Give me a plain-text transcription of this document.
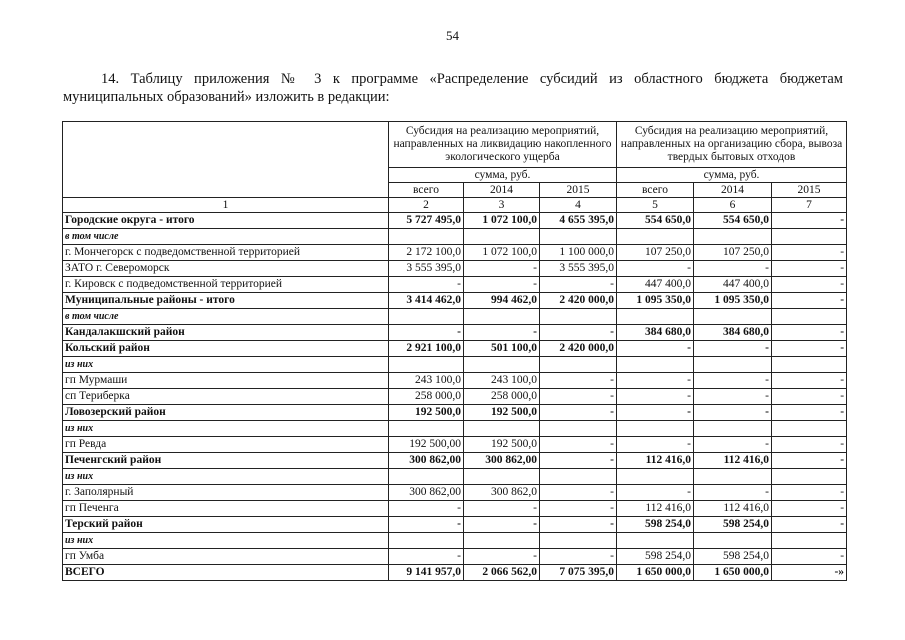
54
14. Таблицу приложения № 3 к программе «Распределение субсидий из областного бюджета бюджетам муниципальных образований» изложить в редакции:
	Субсидия на реализацию мероприятий, направленных на ликвидацию накопленного экологического ущерба			Субсидия на реализацию мероприятий, направленных на организацию сбора, вывоза твердых бытовых отходов		
	сумма, руб.			сумма, руб.		
	всего	2014	2015	всего	2014	2015
1	2	3	4	5	6	7
Городские округа - итого	5 727 495,0	1 072 100,0	4 655 395,0	554 650,0	554 650,0	-
в том числе						
г. Мончегорск с подведомственной территорией	2 172 100,0	1 072 100,0	1 100 000,0	107 250,0	107 250,0	-
ЗАТО г. Североморск	3 555 395,0	-	3 555 395,0	-	-	-
г. Кировск с подведомственной территорией	-	-	-	447 400,0	447 400,0	-
Муниципальные районы - итого	3 414 462,0	994 462,0	2 420 000,0	1 095 350,0	1 095 350,0	-
в том числе						
Кандалакшский район	-	-	-	384 680,0	384 680,0	-
Кольский район	2 921 100,0	501 100,0	2 420 000,0	-	-	-
из них						
гп Мурмаши	243 100,0	243 100,0	-	-	-	-
сп Териберка	258 000,0	258 000,0	-	-	-	-
Ловозерский район	192 500,0	192 500,0	-	-	-	-
из них						
гп Ревда	192 500,00	192 500,0	-	-	-	-
Печенгский район	300 862,00	300 862,00	-	112 416,0	112 416,0	-
из них						
г. Заполярный	300 862,00	300 862,0	-	-	-	-
гп Печенга	-	-	-	112 416,0	112 416,0	-
Терский район	-	-	-	598 254,0	598 254,0	-
из них						
гп Умба	-	-	-	598 254,0	598 254,0	-
ВСЕГО	9 141 957,0	2 066 562,0	7 075 395,0	1 650 000,0	1 650 000,0	-»
